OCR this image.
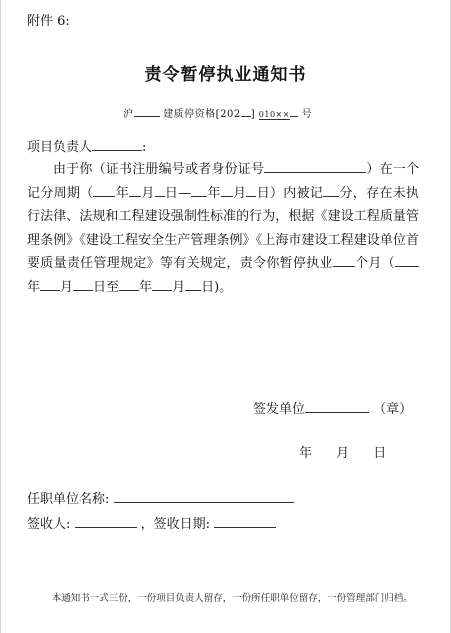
附件 6:
责令暂停执业通知书
沪	建质停资格[202 ] 010×× 号
项目负责人	:

由于你（证书注册编号或者身份证号	）在一个记分周期（ 年 月 日— 年 月 日）内被记 分，存在未执行法律、法规和工程建设强制性标准的行为，根据《建设工程质量管理条例》《建设工程安全生产管理条例》《上海市建设工程建设单位首要质量责任管理规定》等有关规定，责令你暂停执业 个月（年 月 日至 年 月 日)。

签发单位	（章）
年 月 日
任职单位名称:
签收人:	，签收日期:
本通知书一式三份，一份项目负责人留存，一份所任职单位留存，一份管理部门归档。
